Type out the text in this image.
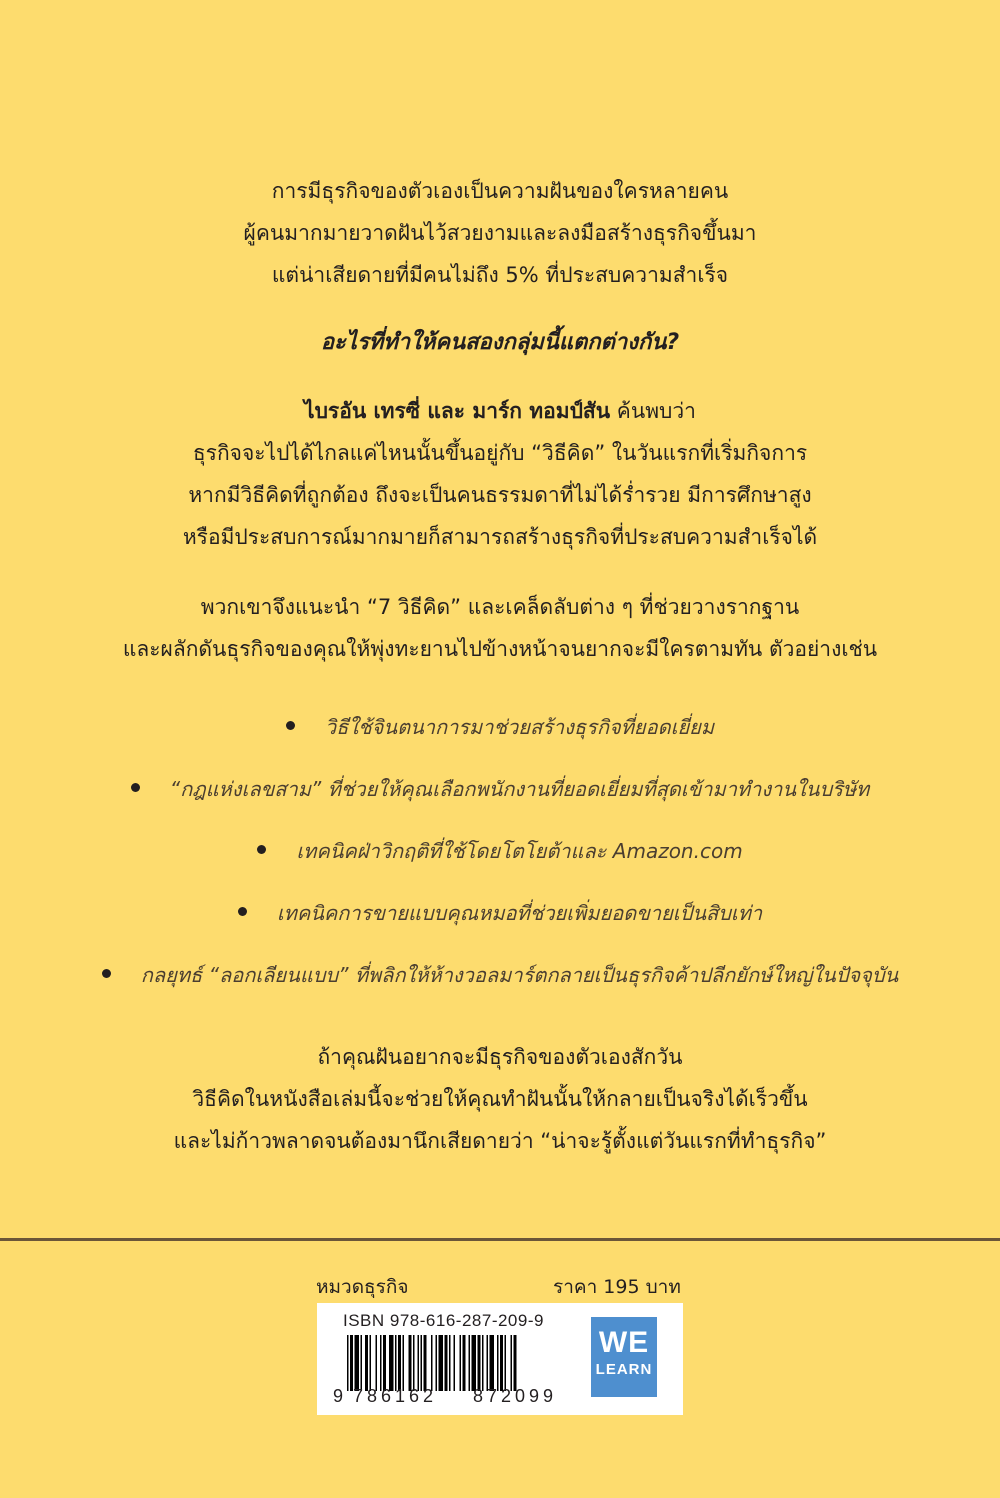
การมีธุรกิจของตัวเองเป็นความฝันของใครหลายคน

ผู้คนมากมายวาดฝันไว้สวยงามและลงมือสร้างธุรกิจขึ้นมา

แต่น่าเสียดายที่มีคนไม่ถึง 5% ที่ประสบความสำเร็จ

อะไรที่ทำให้คนสองกลุ่มนี้แตกต่างกัน?

ไบรอัน เทรซี่ และ มาร์ก ทอมป์สัน ค้นพบว่า

ธุรกิจจะไปได้ไกลแค่ไหนนั้นขึ้นอยู่กับ “วิธีคิด” ในวันแรกที่เริ่มกิจการ

หากมีวิธีคิดที่ถูกต้อง ถึงจะเป็นคนธรรมดาที่ไม่ได้ร่ำรวย มีการศึกษาสูง

หรือมีประสบการณ์มากมายก็สามารถสร้างธุรกิจที่ประสบความสำเร็จได้

พวกเขาจึงแนะนำ “7 วิธีคิด” และเคล็ดลับต่าง ๆ ที่ช่วยวางรากฐาน

และผลักดันธุรกิจของคุณให้พุ่งทะยานไปข้างหน้าจนยากจะมีใครตามทัน ตัวอย่างเช่น

วิธีใช้จินตนาการมาช่วยสร้างธุรกิจที่ยอดเยี่ยม
“กฎแห่งเลขสาม” ที่ช่วยให้คุณเลือกพนักงานที่ยอดเยี่ยมที่สุดเข้ามาทำงานในบริษัท
เทคนิคฝ่าวิกฤติที่ใช้โดยโตโยต้าและ Amazon.com
เทคนิคการขายแบบคุณหมอที่ช่วยเพิ่มยอดขายเป็นสิบเท่า
กลยุทธ์ “ลอกเลียนแบบ” ที่พลิกให้ห้างวอลมาร์ตกลายเป็นธุรกิจค้าปลีกยักษ์ใหญ่ในปัจจุบัน

ถ้าคุณฝันอยากจะมีธุรกิจของตัวเองสักวัน

วิธีคิดในหนังสือเล่มนี้จะช่วยให้คุณทำฝันนั้นให้กลายเป็นจริงได้เร็วขึ้น

และไม่ก้าวพลาดจนต้องมานึกเสียดายว่า “น่าจะรู้ตั้งแต่วันแรกที่ทำธุรกิจ”

หมวดธุรกิจ	ราคา 195 บาท
ISBN 978-616-287-209-9
9 786162 872099
WE
LEARN
